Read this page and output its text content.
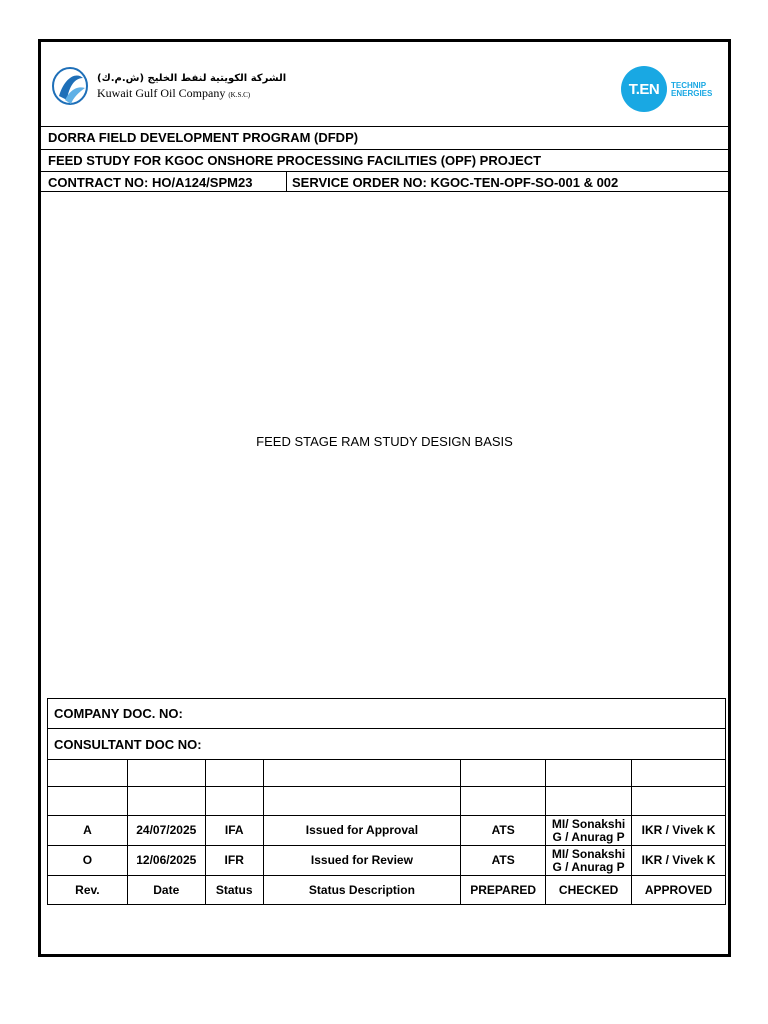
الشركة الكويتية لنفط الخليج (ش.م.ك)
Kuwait Gulf Oil Company (K.S.C)	T.EN	TECHNIP
ENERGIES
DORRA FIELD DEVELOPMENT PROGRAM (DFDP)
FEED STUDY FOR KGOC ONSHORE PROCESSING FACILITIES (OPF) PROJECT
CONTRACT NO: HO/A124/SPM23	SERVICE ORDER NO: KGOC-TEN-OPF-SO-001 & 002
FEED STAGE RAM STUDY DESIGN BASIS
COMPANY DOC. NO:						
CONSULTANT DOC NO:						

A	24/07/2025	IFA	Issued for Approval	ATS	MI/ Sonakshi G / Anurag P	IKR / Vivek K
O	12/06/2025	IFR	Issued for Review	ATS	MI/ Sonakshi G / Anurag P	IKR / Vivek K
Rev.	Date	Status	Status Description	PREPARED	CHECKED	APPROVED
